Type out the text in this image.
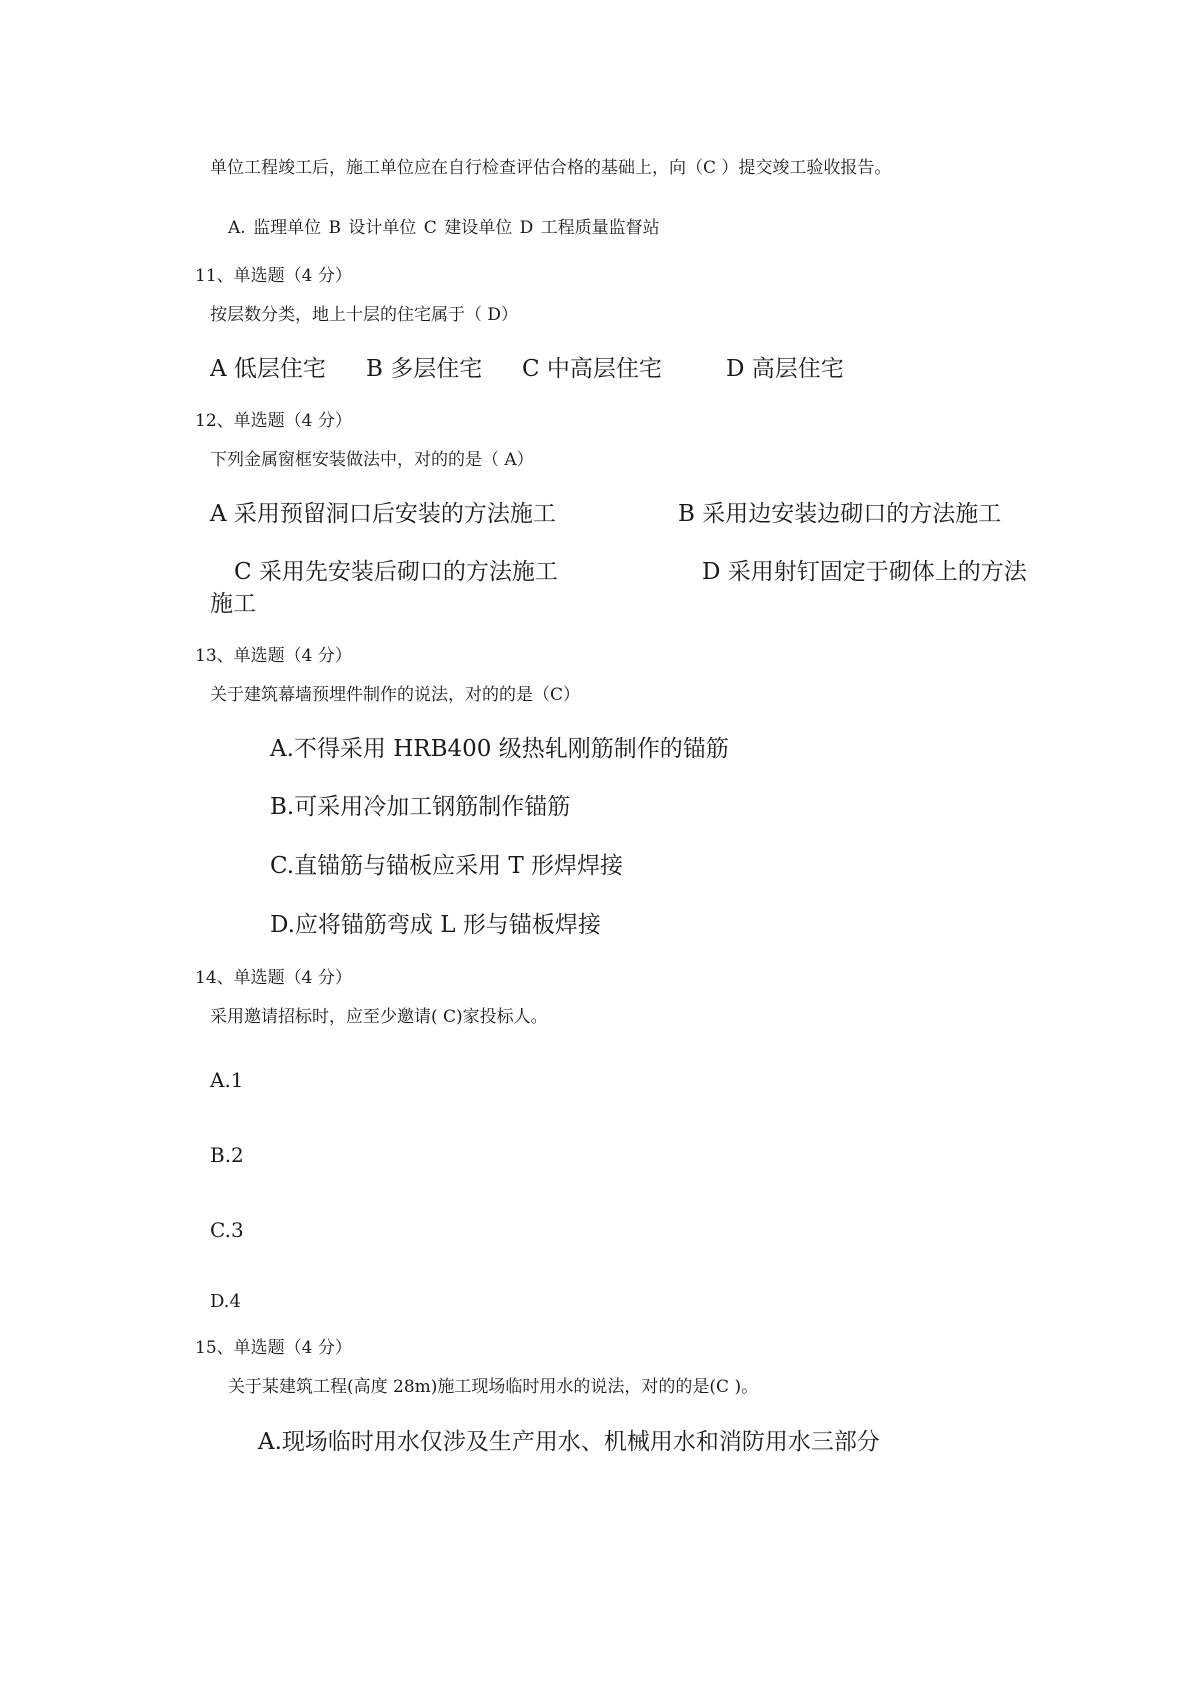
单位工程竣工后，施工单位应在自行检查评估合格的基础上，向（C ）提交竣工验收报告。
A. 监理单位 B 设计单位 C 建设单位 D 工程质量监督站
11、单选题（4 分）
按层数分类，地上十层的住宅属于（ D）
A 低层住宅 B 多层住宅 C 中高层住宅	D 高层住宅
12、单选题（4 分）
下列金属窗框安装做法中，对的的是（ A）
A 采用预留洞口后安装的方法施工	B 采用边安装边砌口的方法施工
C 采用先安装后砌口的方法施工	D 采用射钉固定于砌体上的方法
施工
13、单选题（4 分）
关于建筑幕墙预埋件制作的说法，对的的是（C）
A.不得采用 HRB400 级热轧刚筋制作的锚筋
B.可采用冷加工钢筋制作锚筋
C.直锚筋与锚板应采用 T 形焊焊接
D.应将锚筋弯成 L 形与锚板焊接
14、单选题（4 分）
采用邀请招标时，应至少邀请( C)家投标人。
A.1
B.2
C.3
D.4
15、单选题（4 分）
关于某建筑工程(高度 28m)施工现场临时用水的说法，对的的是(C )。
A.现场临时用水仅涉及生产用水、机械用水和消防用水三部分
